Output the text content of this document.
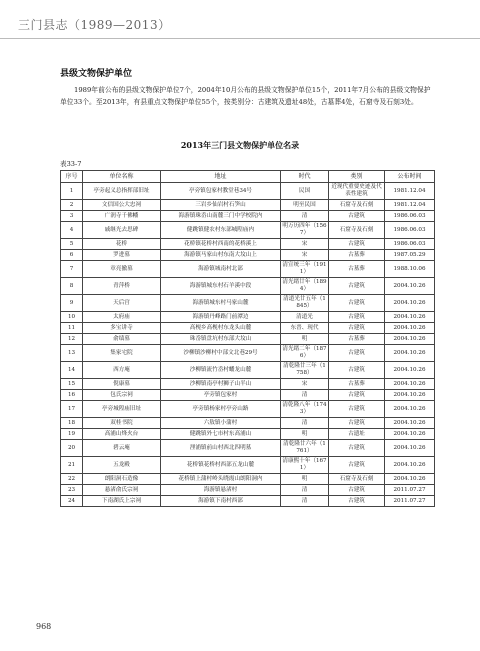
三门县志（1989—2013）
县级文物保护单位
1989年前公布的县级文物保护单位7个，2004年10月公布的县级文物保护单位15个，2011年7月公布的县级文物保护单位33个。至2013年，有县重点文物保护单位55个，按类别分：古建筑及遗址48处，古墓葬4处，石窟寺及石刻3处。
2013年三门县文物保护单位名录
表33-7
序号	单位名称	地址	时代	类别	公布时间
1	亭旁起义总指挥部旧址	亭旁镇包家村教堂巷34号	民国	近现代重要史迹及代表性建筑	1981.12.04
2	文信国公大忠祠	三岩乡仙岩村石笋山	明至民国	石窟寺及石刻	1981.12.04
3	广润寺千佛幡	海游镇珠岙山南麓三门中学校院内	清	古建筑	1986.06.03
4	戚继光去思碑	健跳镇健农村东部城隍庙内	明万历四年（1567）	石窟寺及石刻	1986.06.03
5	花桥	花桥镇花桥村西南的花桥溪上	宋	古建筑	1986.06.03
6	罗进墓	海游镇马家山村东南大坟山上	宋	古墓葬	1987.05.29
7	章亮撤墓	海游镇城南村北部	清宣统三年（1911）	古墓葬	1988.10.06
8	青萍桥	海游镇城东村石羊溪中段	清光绪廿年（1894）	古建筑	2004.10.26
9	天后宫	海游镇城东村马家山麓	清道光廿五年（1845）	古建筑	2004.10.26
10	太府庙	海游镇丹峰路门前潭边	清道光	古建筑	2004.10.26
11	多宝讲寺	高枧乡高枧村东龙头山麓	东晋、现代	古建筑	2004.10.26
12	俞绩墓	珠岙镇盘坑村东部大坟山	明	古墓葬	2004.10.26
13	集家宅院	沙柳镇沙柳村中部文北巷29号	清光绪二年（1876）	古建筑	2004.10.26
14	西方庵	沙柳镇流竹岙村蟠龙山麓	清乾隆廿三年（1758）	古建筑	2004.10.26
15	倪康墓	沙柳镇南亭村狮子山半山	宋	古墓葬	2004.10.26
16	包氏宗祠	亭旁镇包家村	清	古建筑	2004.10.26
17	亭旁城隍庙旧址	亭旁镇杨家村亭旁山路	清乾隆八年（1743）	古建筑	2004.10.26
18	双桂书院	六敖镇小蒲村	清	古建筑	2004.10.26
19	高浦山烽火台	健跳镇外七市村东高浦山	明	古遗址	2004.10.26
20	碧云庵	浬浦镇前山村西北四明墓	清乾隆廿六年（1761）	古建筑	2004.10.26
21	五龙殿	花桥镇花桥村西部五龙山麓	清康熙十年（1671）	古建筑	2004.10.26
22	朗阳洞石造像	花桥镇上蒲村岭头晓霞山朗阳洞内	明	石窟寺及石刻	2004.10.26
23	悬渚俞氏宗祠	海游镇悬渚村	清	古建筑	2011.07.27
24	下南湖氏上宗祠	海游镇下南村西部	清	古建筑	2011.07.27
968
